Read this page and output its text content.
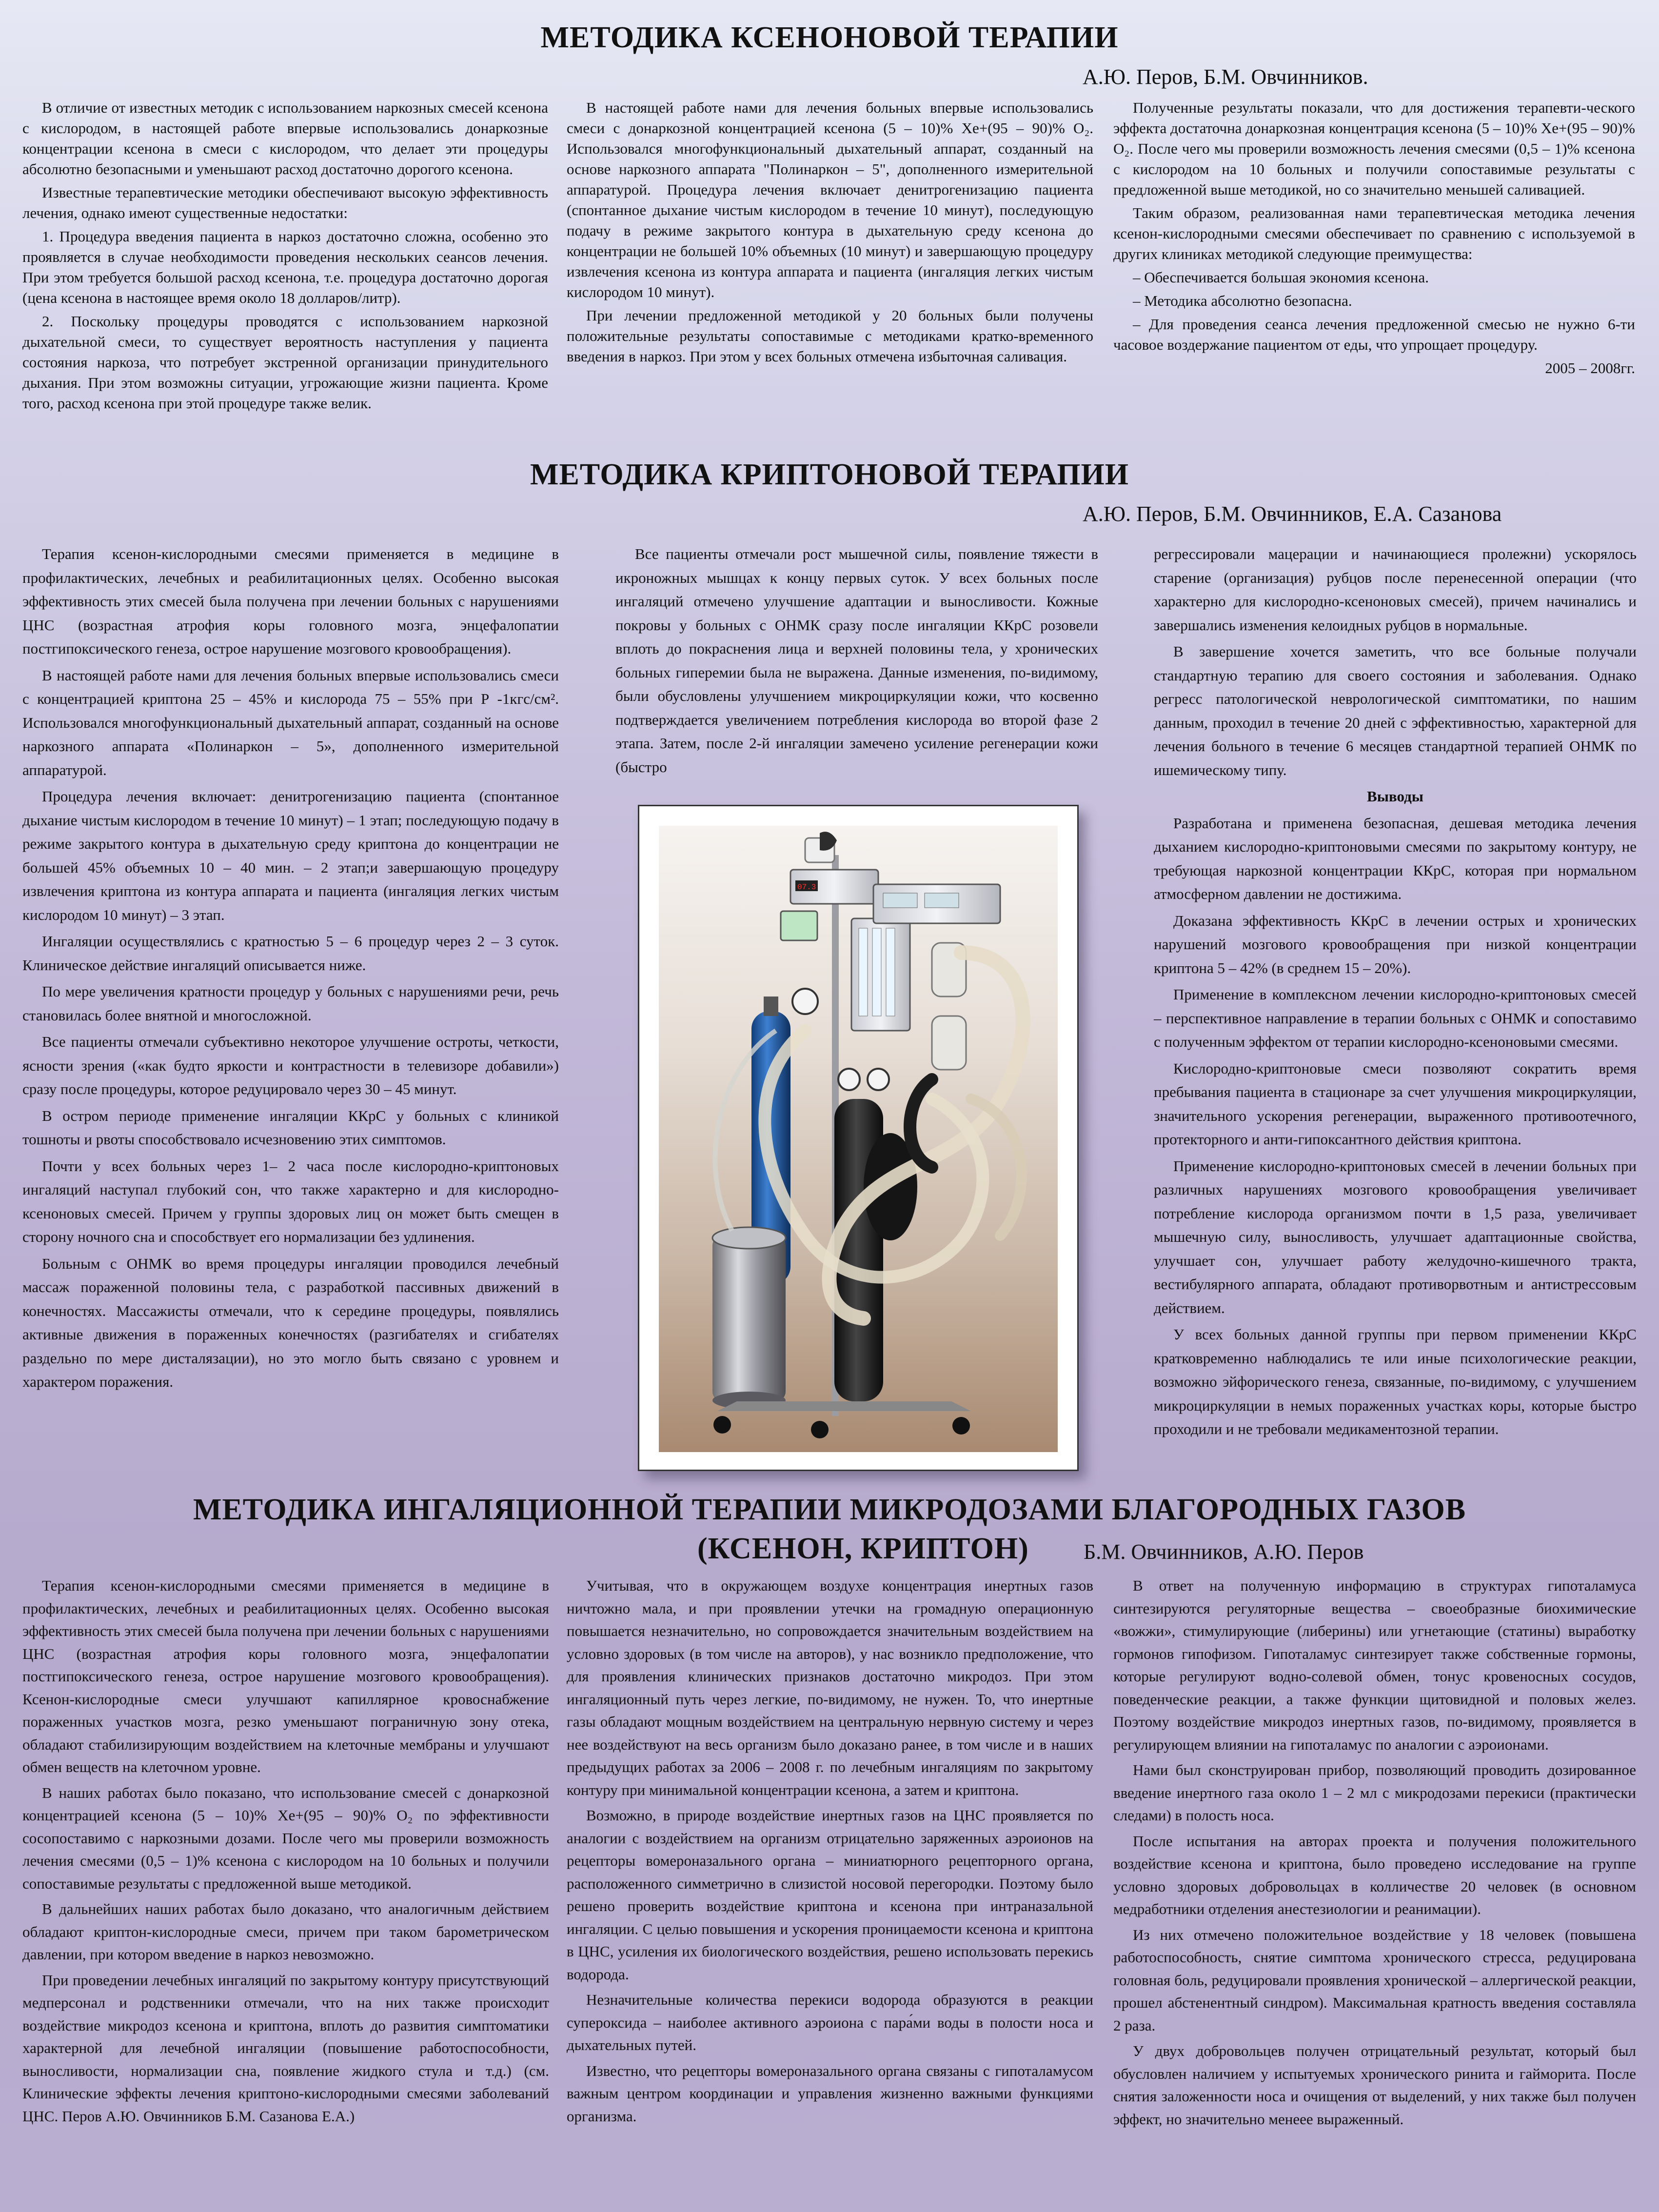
МЕТОДИКА КСЕНОНОВОЙ ТЕРАПИИ
А.Ю. Перов, Б.М. Овчинников.

В отличие от известных методик с использованием наркозных смесей ксенона с кислородом, в настоящей работе впервые использовались донаркозные концентрации ксенона в смеси с кислородом, что делает эти процедуры абсолютно безопасными и уменьшают расход достаточно дорогого ксенона.

Известные терапевтические методики обеспечивают высокую эффективность лечения, однако имеют существенные недостатки:

1. Процедура введения пациента в наркоз достаточно сложна, особенно это проявляется в случае необходимости проведения нескольких сеансов лечения. При этом требуется большой расход ксенона, т.е. процедура достаточно дорогая (цена ксенона в настоящее время около 18 долларов/литр).

2. Поскольку процедуры проводятся с использованием наркозной дыхательной смеси, то существует вероятность наступления у пациента состояния наркоза, что потребует экстренной организации принудительного дыхания. При этом возможны ситуации, угрожающие жизни пациента. Кроме того, расход ксенона при этой процедуре также велик.

В настоящей работе нами для лечения больных впервые использовались смеси с донаркозной концентрацией ксенона (5 – 10)% Xe+(95 – 90)% O₂. Использовался многофункциональный дыхательный аппарат, созданный на основе наркозного аппарата "Полинаркон – 5", дополненного измерительной аппаратурой. Процедура лечения включает денитрогенизацию пациента (спонтанное дыхание чистым кислородом в течение 10 минут), последующую подачу в режиме закрытого контура в дыхательную среду ксенона до концентрации не большей 10% объемных (10 минут) и завершающую процедуру извлечения ксенона из контура аппарата и пациента (ингаляция легких чистым кислородом 10 минут).

При лечении предложенной методикой у 20 больных были получены положительные результаты сопоставимые с методиками кратко-временного введения в наркоз. При этом у всех больных отмечена избыточная саливация.

Полученные результаты показали, что для достижения терапевти-ческого эффекта достаточна донаркозная концентрация ксенона (5 – 10)% Xe+(95 – 90)% O₂. После чего мы проверили возможность лечения смесями (0,5 – 1)% ксенона с кислородом на 10 больных и получили сопоставимые результаты с предложенной выше методикой, но со значительно меньшей саливацией.

Таким образом, реализованная нами терапевтическая методика лечения ксенон-кислородными смесями обеспечивает по сравнению с используемой в других клиниках методикой следующие преимущества:

– Обеспечивается большая экономия ксенона.

– Методика абсолютно безопасна.

– Для проведения сеанса лечения предложенной смесью не нужно 6-ти часовое воздержание пациентом от еды, что упрощает процедуру.

2005 – 2008гг.

МЕТОДИКА КРИПТОНОВОЙ ТЕРАПИИ
А.Ю. Перов, Б.М. Овчинников, Е.А. Сазанова

Терапия ксенон-кислородными смесями применяется в медицине в профилактических, лечебных и реабилитационных целях. Особенно высокая эффективность этих смесей была получена при лечении больных с нарушениями ЦНС (возрастная атрофия коры головного мозга, энцефалопатии постгипоксического генеза, острое нарушение мозгового кровообращения).

В настоящей работе нами для лечения больных впервые использовались смеси с концентрацией криптона 25 – 45% и кислорода 75 – 55% при Р -1кгс/см². Использовался многофункциональный дыхательный аппарат, созданный на основе наркозного аппарата «Полинаркон – 5», дополненного измерительной аппаратурой.

Процедура лечения включает: денитрогенизацию пациента (спонтанное дыхание чистым кислородом в течение 10 минут) – 1 этап; последующую подачу в режиме закрытого контура в дыхательную среду криптона до концентрации не большей 45% объемных 10 – 40 мин. – 2 этап;и завершающую процедуру извлечения криптона из контура аппарата и пациента (ингаляция легких чистым кислородом 10 минут) – 3 этап.

Ингаляции осуществлялись с кратностью 5 – 6 процедур через 2 – 3 суток. Клиническое действие ингаляций описывается ниже.

По мере увеличения кратности процедур у больных с нарушениями речи, речь становилась более внятной и многосложной.

Все пациенты отмечали субъективно некоторое улучшение остроты, четкости, ясности зрения («как будто яркости и контрастности в телевизоре добавили») сразу после процедуры, которое редуцировало через 30 – 45 минут.

В остром периоде применение ингаляции ККрС у больных с клиникой тошноты и рвоты способствовало исчезновению этих симптомов.

Почти у всех больных через 1– 2 часа после кислородно-криптоновых ингаляций наступал глубокий сон, что также характерно и для кислородно-ксеноновых смесей. Причем у группы здоровых лиц он может быть смещен в сторону ночного сна и способствует его нормализации без удлинения.

Больным с ОНМК во время процедуры ингаляции проводился лечебный массаж пораженной половины тела, с разработкой пассивных движений в конечностях. Массажисты отмечали, что к середине процедуры, появлялись активные движения в пораженных конечностях (разгибателях и сгибателях раздельно по мере дисталязации), но это могло быть связано с уровнем и характером поражения.

Все пациенты отмечали рост мышечной силы, появление тяжести в икроножных мышцах к концу первых суток. У всех больных после ингаляций отмечено улучшение адаптации и выносливости. Кожные покровы у больных с ОНМК сразу после ингаляции ККрС розовели вплоть до покраснения лица и верхней половины тела, у хронических больных гиперемии была не выражена. Данные изменения, по-видимому, были обусловлены улучшением микроциркуляции кожи, что косвенно подтверждается увеличением потребления кислорода во второй фазе 2 этапа. Затем, после 2-й ингаляции замечено усиление регенерации кожи (быстро

регрессировали мацерации и начинающиеся пролежни) ускорялось старение (организация) рубцов после перенесенной операции (что характерно для кислородно-ксеноновых смесей), причем начинались и завершались изменения келоидных рубцов в нормальные.

В завершение хочется заметить, что все больные получали стандартную терапию для своего состояния и заболевания. Однако регресс патологической неврологической симптоматики, по нашим данным, проходил в течение 20 дней с эффективностью, характерной для лечения больного в течение 6 месяцев стандартной терапией ОНМК по ишемическому типу.

Выводы

Разработана и применена безопасная, дешевая методика лечения дыханием кислородно-криптоновыми смесями по закрытому контуру, не требующая наркозной концентрации ККрС, которая при нормальном атмосферном давлении не достижима.

Доказана эффективность ККрС в лечении острых и хронических нарушений мозгового кровообращения при низкой концентрации криптона 5 – 42% (в среднем 15 – 20%).

Применение в комплексном лечении кислородно-криптоновых смесей – перспективное направление в терапии больных с ОНМК и сопоставимо с полученным эффектом от терапии кислородно-ксеноновыми смесями.

Кислородно-криптоновые смеси позволяют сократить время пребывания пациента в стационаре за счет улучшения микроциркуляции, значительного ускорения регенерации, выраженного противоотечного, протекторного и анти-гипоксантного действия криптона.

Применение кислородно-криптоновых смесей в лечении больных при различных нарушениях мозгового кровообращения увеличивает потребление кислорода организмом почти в 1,5 раза, увеличивает мышечную силу, выносливость, улучшает адаптационные свойства, улучшает сон, улучшает работу желудочно-кишечного тракта, вестибулярного аппарата, обладают противорвотным и антистрессовым действием.

У всех больных данной группы при первом применении ККрС кратковременно наблюдались те или иные психологические реакции, возможно эйфорического генеза, связанные, по-видимому, с улучшением микроциркуляции в немых пораженных участках коры, которые быстро проходили и не требовали медикаментозной терапии.

07.3
МЕТОДИКА ИНГАЛЯЦИОННОЙ ТЕРАПИИ МИКРОДОЗАМИ БЛАГОРОДНЫХ ГАЗОВ
(КСЕНОН, КРИПТОН)	Б.М. Овчинников, А.Ю. Перов

Терапия ксенон-кислородными смесями применяется в медицине в профилактических, лечебных и реабилитационных целях. Особенно высокая эффективность этих смесей была получена при лечении больных с нарушениями ЦНС (возрастная атрофия коры головного мозга, энцефалопатии постгипоксического генеза, острое нарушение мозгового кровообращения). Ксенон-кислородные смеси улучшают капиллярное кровоснабжение пораженных участков мозга, резко уменьшают пограничную зону отека, обладают стабилизирующим воздействием на клеточные мембраны и улучшают обмен веществ на клеточном уровне.

В наших работах было показано, что использование смесей с донаркозной концентрацией ксенона (5 – 10)% Xe+(95 – 90)% O₂ по эффективности сосопоставимо с наркозными дозами. После чего мы проверили возможность лечения смесями (0,5 – 1)% ксенона с кислородом на 10 больных и получили сопоставимые результаты с предложенной выше методикой.

В дальнейших наших работах было доказано, что аналогичным действием обладают криптон-кислородные смеси, причем при таком барометрическом давлении, при котором введение в наркоз невозможно.

При проведении лечебных ингаляций по закрытому контуру присутствующий медперсонал и родственники отмечали, что на них также происходит воздействие микродоз ксенона и криптона, вплоть до развития симптоматики характерной для лечебной ингаляции (повышение работоспособности, выносливости, нормализации сна, появление жидкого стула и т.д.) (см. Клинические эффекты лечения криптоно-кислородными смесями заболеваний ЦНС. Перов А.Ю. Овчинников Б.М. Сазанова Е.А.)

Учитывая, что в окружающем воздухе концентрация инертных газов ничтожно мала, и при проявлении утечки на громадную операционную повышается незначительно, но сопровождается значительным воздействием на условно здоровых (в том числе на авторов), у нас возникло предположение, что для проявления клинических признаков достаточно микродоз. При этом ингаляционный путь через легкие, по-видимому, не нужен. То, что инертные газы обладают мощным воздействием на центральную нервную систему и через нее воздействуют на весь организм было доказано ранее, в том числе и в наших предыдущих работах за 2006 – 2008 г. по лечебным ингаляциям по закрытому контуру при минимальной концентрации ксенона, а затем и криптона.

Возможно, в природе воздействие инертных газов на ЦНС проявляется по аналогии с воздействием на организм отрицательно заряженных аэроионов на рецепторы вомероназального органа – миниатюрного рецепторного органа, расположенного симметрично в слизистой носовой перегородки. Поэтому было решено проверить воздействие криптона и ксенона при интраназальной ингаляции. С целью повышения и ускорения проницаемости ксенона и криптона в ЦНС, усиления их биологического воздействия, решено использовать перекись водорода.

Незначительные количества перекиси водорода образуются в реакции супероксида – наиболее активного аэроиона с пара́ми воды в полости носа и дыхательных путей.

Известно, что рецепторы вомероназального органа связаны с гипоталамусом важным центром координации и управления жизненно важными функциями организма.

В ответ на полученную информацию в структурах гипоталамуса синтезируются регуляторные вещества – своеобразные биохимические «вожжи», стимулирующие (либерины) или угнетающие (статины) выработку гормонов гипофизом. Гипоталамус синтезирует также собственные гормоны, которые регулируют водно-солевой обмен, тонус кровеносных сосудов, поведенческие реакции, а также функции щитовидной и половых желез. Поэтому воздействие микродоз инертных газов, по-видимому, проявляется в регулирующем влиянии на гипоталамус по аналогии с аэроионами.

Нами был сконструирован прибор, позволяющий проводить дозированное введение инертного газа около 1 – 2 мл с микродозами перекиси (практически следами) в полость носа.

После испытания на авторах проекта и получения положительного воздействие ксенона и криптона, было проведено исследование на группе условно здоровых добровольцах в колличестве 20 человек (в основном медработники отделения анестезиологии и реанимации).

Из них отмечено положительное воздействие у 18 человек (повышена работоспособность, снятие симптома хронического стресса, редуцирована головная боль, редуцировали проявления хронической – аллергической реакции, прошел абстенентный синдром). Максимальная кратность введения составляла 2 раза.

У двух добровольцев получен отрицательный результат, который был обусловлен наличием у испытуемых хронического ринита и гайморита. После снятия заложенности носа и очищения от выделений, у них также был получен эффект, но значительно менеее выраженный.
